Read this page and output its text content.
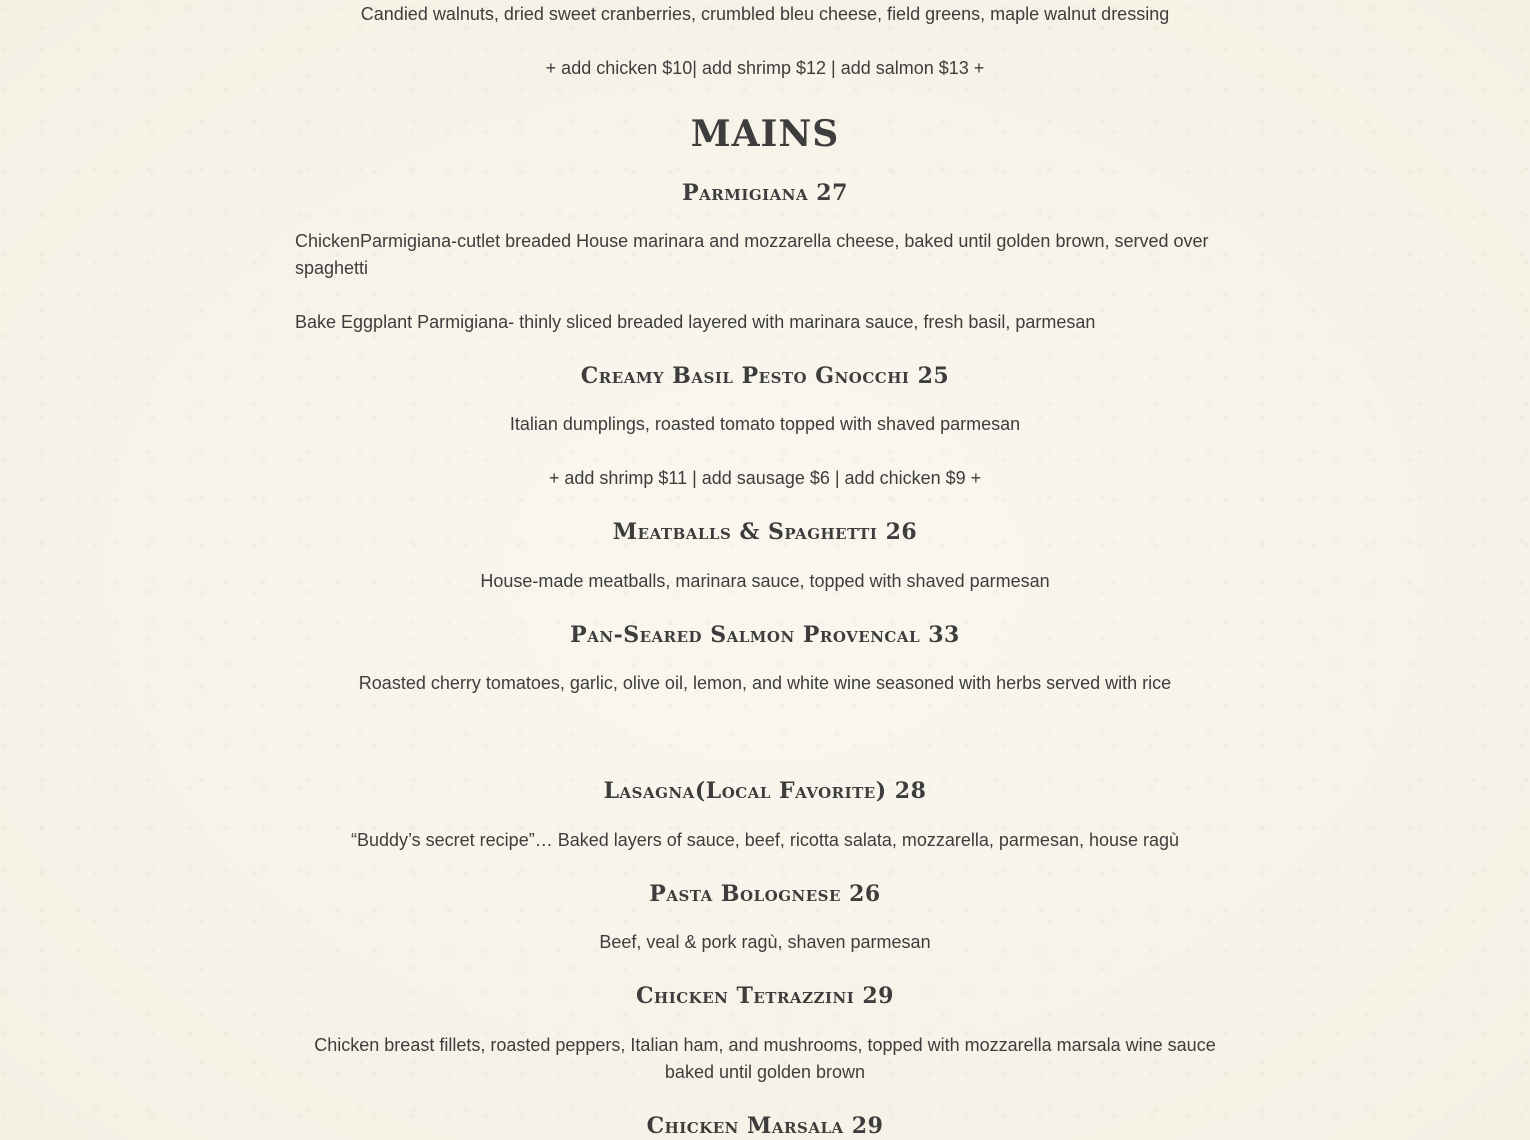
Candied walnuts, dried sweet cranberries, crumbled bleu cheese, field greens, maple walnut dressing

+ add chicken $10| add shrimp $12 | add salmon $13 +

MAINS
Parmigiana 27

ChickenParmigiana-cutlet breaded House marinara and mozzarella cheese, baked until golden brown, served over spaghetti

Bake Eggplant Parmigiana- thinly sliced breaded layered with marinara sauce, fresh basil, parmesan

Creamy Basil Pesto Gnocchi 25

Italian dumplings, roasted tomato topped with shaved parmesan

+ add shrimp $11 | add sausage $6 | add chicken $9 +

Meatballs & Spaghetti 26

House-made meatballs, marinara sauce, topped with shaved parmesan

Pan-Seared Salmon Provencal 33

Roasted cherry tomatoes, garlic, olive oil, lemon, and white wine seasoned with herbs served with rice

Lasagna(Local Favorite) 28

“Buddy’s secret recipe”… Baked layers of sauce, beef, ricotta salata, mozzarella, parmesan, house ragù

Pasta Bolognese 26

Beef, veal & pork ragù, shaven parmesan

Chicken Tetrazzini 29

Chicken breast fillets, roasted peppers, Italian ham, and mushrooms, topped with mozzarella marsala wine sauce baked until golden brown

Chicken Marsala 29
